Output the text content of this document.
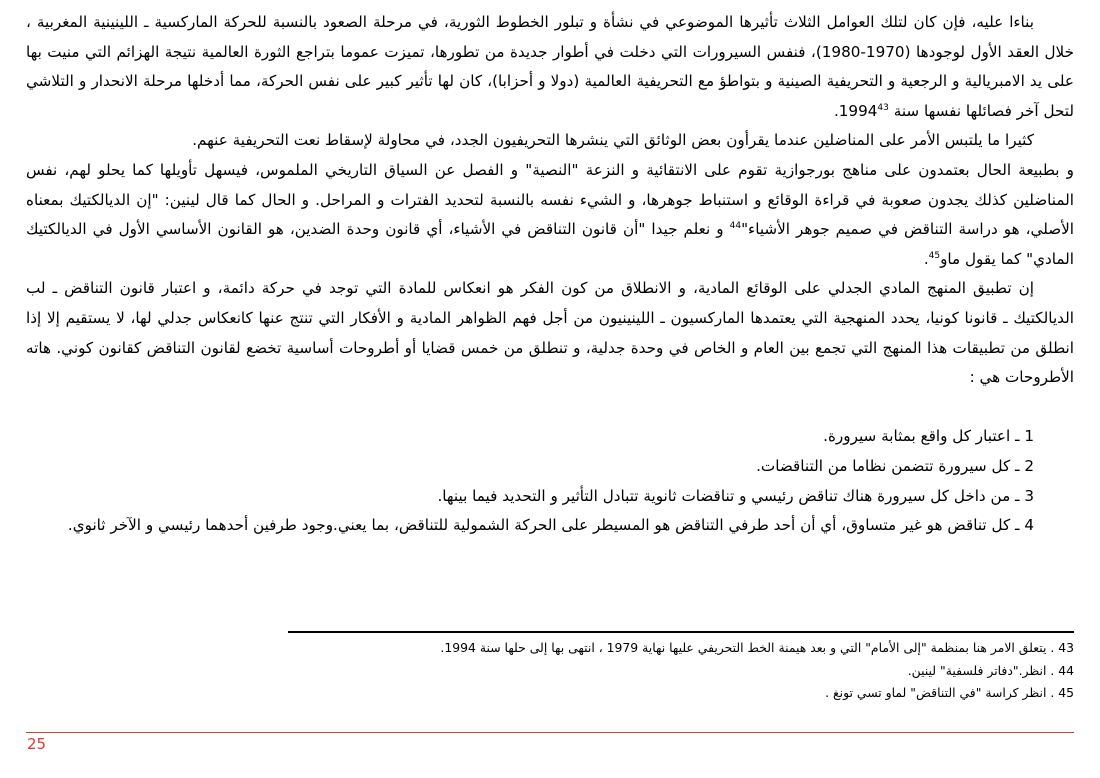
بناءا عليه، فإن كان لتلك العوامل الثلاث تأثيرها الموضوعي في نشأة و تبلور الخطوط الثورية، في مرحلة الصعود بالنسبة للحركة الماركسية ـ اللينينية المغربية ، خلال العقد الأول لوجودها (1970-1980)، فنفس السيرورات التي دخلت في أطوار جديدة من تطورها، تميزت عموما بتراجع الثورة العالمية نتيجة الهزائم التي منيت بها على يد الامبريالية و الرجعية و التحريفية الصينية و بتواطؤ مع التحريفية العالمية (دولا و أحزابا)، كان لها تأثير كبير على نفس الحركة، مما أدخلها مرحلة الانحدار و التلاشي لتحل آخر فصائلها نفسها سنة 1994$^{43}$.

كثيرا ما يلتبس الأمر على المناضلين عندما يقرأون بعض الوثائق التي ينشرها التحريفيون الجدد، في محاولة لإسقاط نعت التحريفية عنهم.

و بطبيعة الحال بعتمدون على مناهج بورجوازية تقوم على الانتقائية و النزعة "النصية" و الفصل عن السياق التاريخي الملموس، فيسهل تأويلها كما يحلو لهم، نفس المناضلين كذلك يجدون صعوبة في قراءة الوقائع و استنباط جوهرها، و الشيء نفسه بالنسبة لتحديد الفترات و المراحل. و الحال كما قال لينين: "إن الديالكتيك بمعناه الأصلي، هو دراسة التناقض في صميم جوهر الأشياء"$^{44}$ و نعلم جيدا "أن قانون التناقض في الأشياء، أي قانون وحدة الضدين، هو القانون الأساسي الأول في الديالكتيك المادي" كما يقول ماو$^{45}$.

إن تطبيق المنهج المادي الجدلي على الوقائع المادية، و الانطلاق من كون الفكر هو انعكاس للمادة التي توجد في حركة دائمة، و اعتبار قانون التناقض ـ لب الديالكتيك ـ قانونا كونيا، يحدد المنهجية التي يعتمدها الماركسيون ـ اللينينيون من أجل فهم الظواهر المادية و الأفكار التي تنتج عنها كانعكاس جدلي لها، لا يستقيم إلا إذا انطلق من تطبيقات هذا المنهج التي تجمع بين العام و الخاص في وحدة جدلية، و تنطلق من خمس قضايا أو أطروحات أساسية تخضع لقانون التناقض كقانون كوني. هاته الأطروحات هي :

1 ـ اعتبار كل واقع بمثابة سيرورة.
2 ـ كل سيرورة تتضمن نظاما من التناقضات.
3 ـ من داخل كل سيرورة هناك تناقض رئيسي و تناقضات ثانوية تتبادل التأثير و التحديد فيما بينها.
4 ـ كل تناقض هو غير متساوق، أي أن أحد طرفي التناقض هو المسيطر على الحركة الشمولية للتناقض، بما يعني.وجود طرفين أحدهما رئيسي و الآخر ثانوي.

43 . يتعلق الامر هنا بمنظمة "إلى الأمام" التي و بعد هيمنة الخط التحريفي عليها نهاية 1979 ، انتهى بها إلى حلها سنة 1994.

44 . انظر."دفاتر فلسفية" لينين.

45 . انظر كراسة "في التناقض" لماو تسي تونغ .

25
